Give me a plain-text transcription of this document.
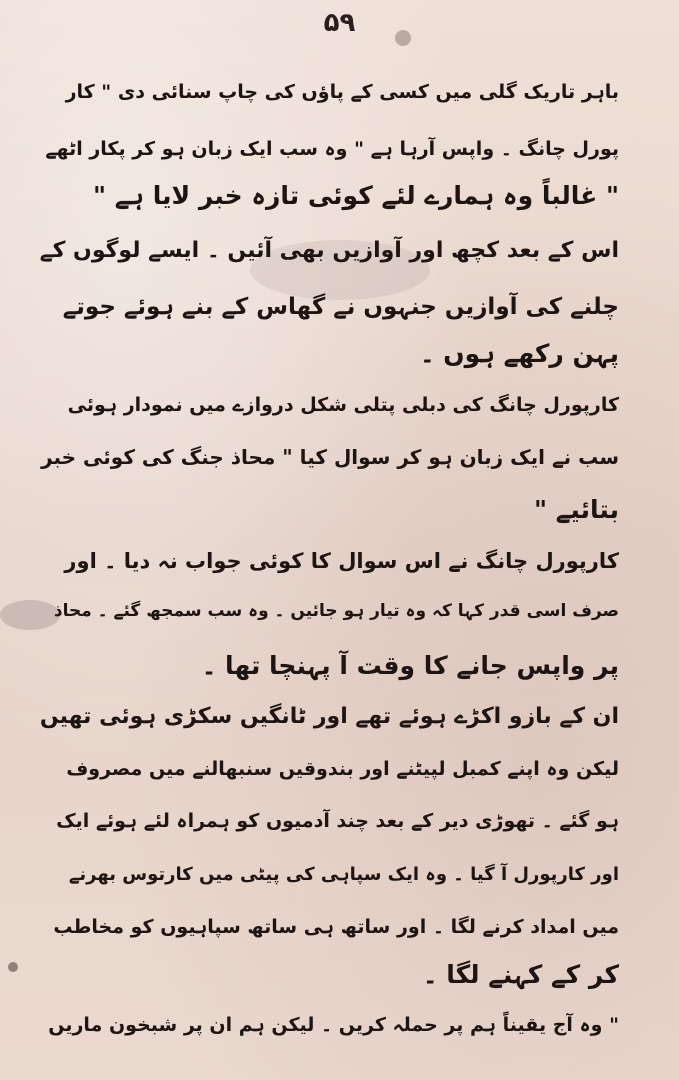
۵۹
باہر تاریک گلی میں کسی کے پاؤں کی چاپ سنائی دی " کار
پورل چانگ ۔ واپس آرہا ہے " وہ سب ایک زبان ہو کر پکار اٹھے
" غالباً وہ ہمارے لئے کوئی تازہ خبر لایا ہے "
اس کے بعد کچھ اور آوازیں بھی آئیں ۔ ایسے لوگوں کے
چلنے کی آوازیں جنہوں نے گھاس کے بنے ہوئے جوتے
پہن رکھے ہوں ۔
کارپورل چانگ کی دبلی پتلی شکل دروازے میں نمودار ہوئی
سب نے ایک زبان ہو کر سوال کیا " محاذ جنگ کی کوئی خبر
بتائیے "
کارپورل چانگ نے اس سوال کا کوئی جواب نہ دیا ۔ اور
صرف اسی قدر کہا کہ وہ تیار ہو جائیں ۔ وہ سب سمجھ گئے ۔ محاذ
پر واپس جانے کا وقت آ پہنچا تھا ۔
ان کے بازو اکڑے ہوئے تھے اور ٹانگیں سکڑی ہوئی تھیں
لیکن وہ اپنے کمبل لپیٹنے اور بندوقیں سنبھالنے میں مصروف
ہو گئے ۔ تھوڑی دیر کے بعد چند آدمیوں کو ہمراہ لئے ہوئے ایک
اور کارپورل آ گیا ۔ وہ ایک سپاہی کی پیٹی میں کارتوس بھرنے
میں امداد کرنے لگا ۔ اور ساتھ ہی ساتھ سپاہیوں کو مخاطب
کر کے کہنے لگا ۔
" وہ آج یقیناً ہم پر حملہ کریں ۔ لیکن ہم ان پر شبخون ماریں
